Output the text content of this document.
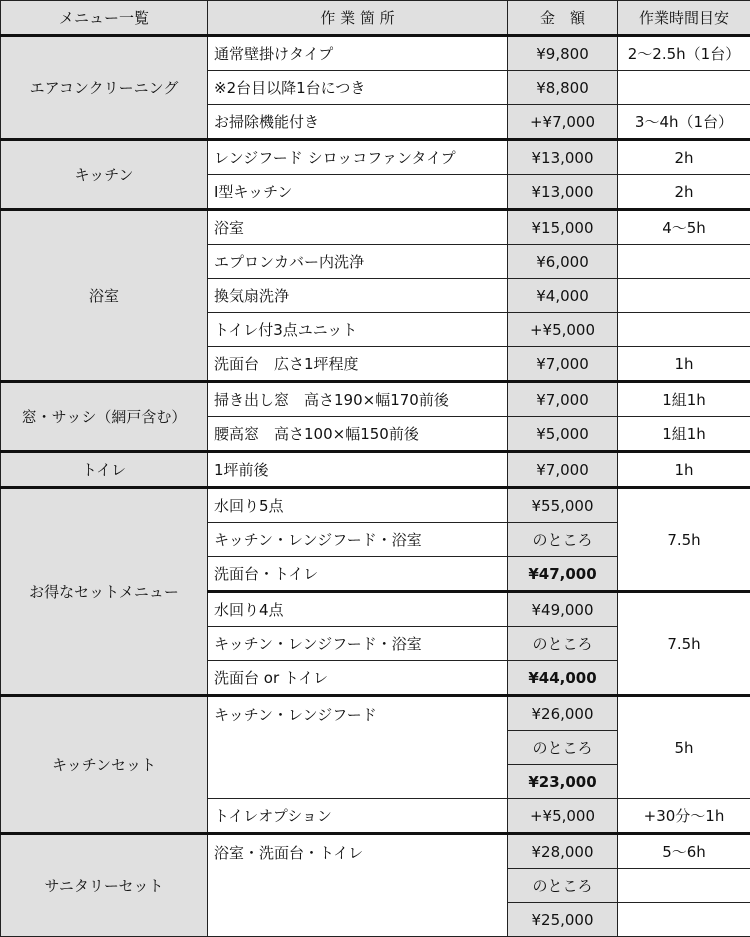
メニュー一覧	作 業 箇 所	金　額	作業時間目安
エアコンクリーニング	通常壁掛けタイプ	¥9,800	2〜2.5h（1台）
	※2台目以降1台につき	¥8,800	
	お掃除機能付き	+¥7,000	3〜4h（1台）
キッチン	レンジフード シロッコファンタイプ	¥13,000	2h
	I型キッチン	¥13,000	2h
浴室	浴室	¥15,000	4〜5h
	エプロンカバー内洗浄	¥6,000	
	換気扇洗浄	¥4,000	
	トイレ付3点ユニット	+¥5,000	
	洗面台　広さ1坪程度	¥7,000	1h
窓・サッシ（網戸含む）	掃き出し窓　高さ190×幅170前後	¥7,000	1組1h
	腰高窓　高さ100×幅150前後	¥5,000	1組1h
トイレ	1坪前後	¥7,000	1h
お得なセットメニュー	水回り5点	¥55,000	7.5h
	キッチン・レンジフード・浴室	のところ	
	洗面台・トイレ	¥47,000	
	水回り4点	¥49,000	7.5h
	キッチン・レンジフード・浴室	のところ	
	洗面台 or トイレ	¥44,000	
キッチンセット	キッチン・レンジフード	¥26,000	5h
		のところ	
		¥23,000	
	トイレオプション	+¥5,000	+30分〜1h
サニタリーセット	浴室・洗面台・トイレ	¥28,000	5〜6h
		のところ	
		¥25,000	
